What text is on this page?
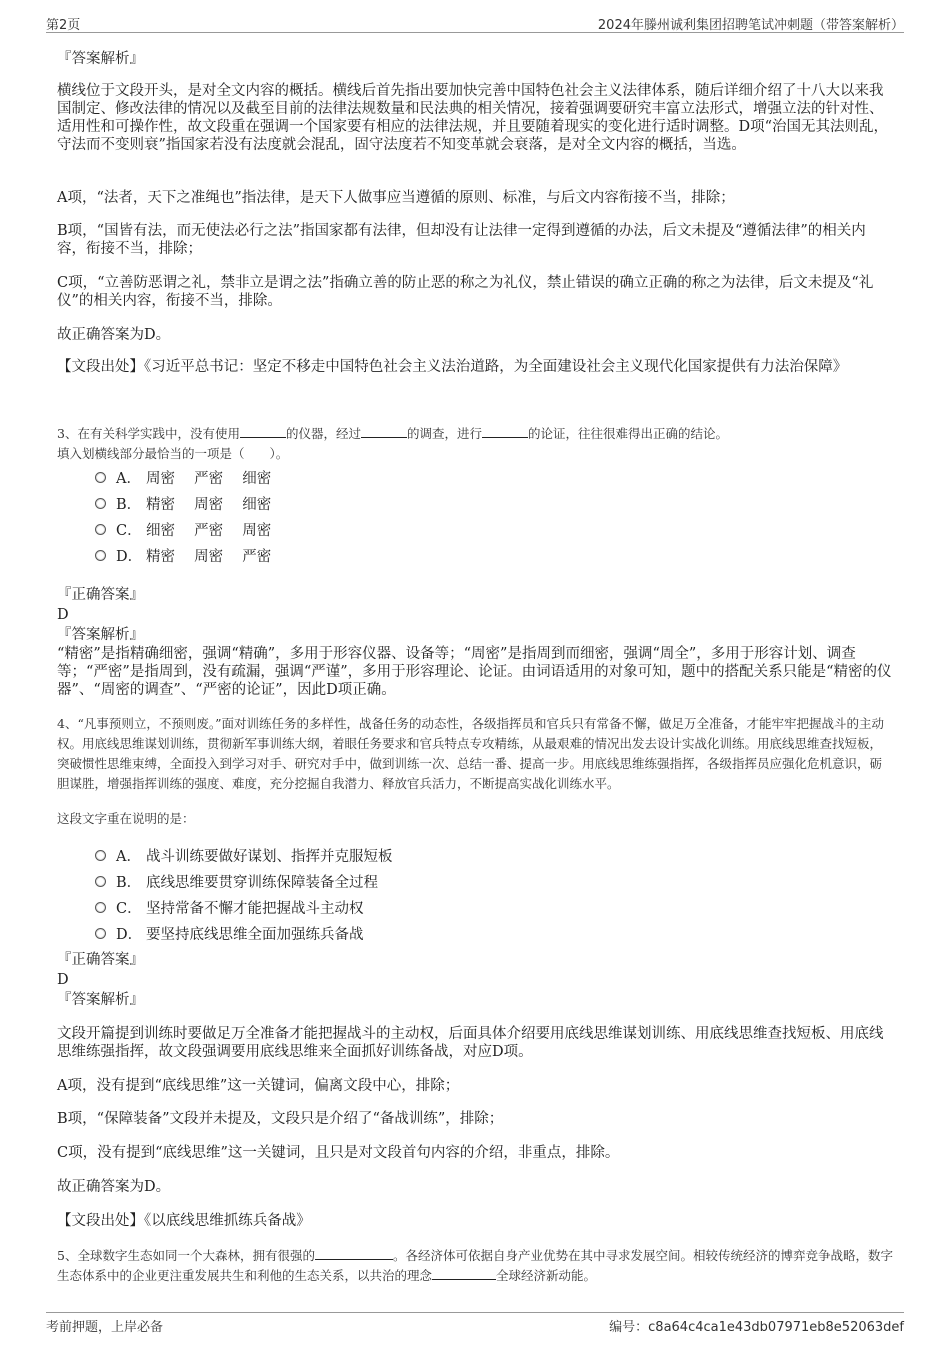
第2页	2024年滕州诚利集团招聘笔试冲刺题（带答案解析）
『答案解析』
横线位于文段开头，是对全文内容的概括。横线后首先指出要加快完善中国特色社会主义法律体系，随后详细介绍了十八大以来我国制定、修改法律的情况以及截至目前的法律法规数量和民法典的相关情况，接着强调要研究丰富立法形式，增强立法的针对性、适用性和可操作性，故文段重在强调一个国家要有相应的法律法规，并且要随着现实的变化进行适时调整。D项“治国无其法则乱，守法而不变则衰”指国家若没有法度就会混乱，固守法度若不知变革就会衰落，是对全文内容的概括，当选。
A项，“法者，天下之准绳也”指法律，是天下人做事应当遵循的原则、标准，与后文内容衔接不当，排除；
B项，“国皆有法，而无使法必行之法”指国家都有法律，但却没有让法律一定得到遵循的办法，后文未提及“遵循法律”的相关内容，衔接不当，排除；
C项，“立善防恶谓之礼，禁非立是谓之法”指确立善的防止恶的称之为礼仪，禁止错误的确立正确的称之为法律，后文未提及“礼仪”的相关内容，衔接不当，排除。
故正确答案为D。
【文段出处】《习近平总书记：坚定不移走中国特色社会主义法治道路，为全面建设社会主义现代化国家提供有力法治保障》
3、在有关科学实践中，没有使用	的仪器，经过	的调查，进行	的论证，往往很难得出正确的结论。
填入划横线部分最恰当的一项是（　　）。
A． 周密　 严密　 细密
B． 精密　 周密　 细密
C． 细密　 严密　 周密
D． 精密　 周密　 严密
『正确答案』
D
『答案解析』
“精密”是指精确细密，强调“精确”，多用于形容仪器、设备等；“周密”是指周到而细密，强调“周全”，多用于形容计划、调查等；“严密”是指周到，没有疏漏，强调“严谨”，多用于形容理论、论证。由词语适用的对象可知，题中的搭配关系只能是“精密的仪器”、“周密的调查”、“严密的论证”，因此D项正确。
4、“凡事预则立，不预则废。”面对训练任务的多样性，战备任务的动态性，各级指挥员和官兵只有常备不懈，做足万全准备，才能牢牢把握战斗的主动权。用底线思维谋划训练，贯彻新军事训练大纲，着眼任务要求和官兵特点专攻精练，从最艰难的情况出发去设计实战化训练。用底线思维查找短板，突破惯性思维束缚，全面投入到学习对手、研究对手中，做到训练一次、总结一番、提高一步。用底线思维练强指挥，各级指挥员应强化危机意识，砺胆谋胜，增强指挥训练的强度、难度，充分挖掘自我潜力、释放官兵活力，不断提高实战化训练水平。
这段文字重在说明的是：
A． 战斗训练要做好谋划、指挥并克服短板
B． 底线思维要贯穿训练保障装备全过程
C． 坚持常备不懈才能把握战斗主动权
D． 要坚持底线思维全面加强练兵备战
『正确答案』
D
『答案解析』
文段开篇提到训练时要做足万全准备才能把握战斗的主动权，后面具体介绍要用底线思维谋划训练、用底线思维查找短板、用底线思维练强指挥，故文段强调要用底线思维来全面抓好训练备战，对应D项。
A项，没有提到“底线思维”这一关键词，偏离文段中心，排除；
B项，“保障装备”文段并未提及，文段只是介绍了“备战训练”，排除；
C项，没有提到“底线思维”这一关键词，且只是对文段首句内容的介绍，非重点，排除。
故正确答案为D。
【文段出处】《以底线思维抓练兵备战》
5、全球数字生态如同一个大森林，拥有很强的	。各经济体可依据自身产业优势在其中寻求发展空间。相较传统经济的博弈竞争战略，数字生态体系中的企业更注重发展共生和利他的生态关系，以共治的理念	全球经济新动能。
考前押题，上岸必备	编号：c8a64c4ca1e43db07971eb8e52063def
